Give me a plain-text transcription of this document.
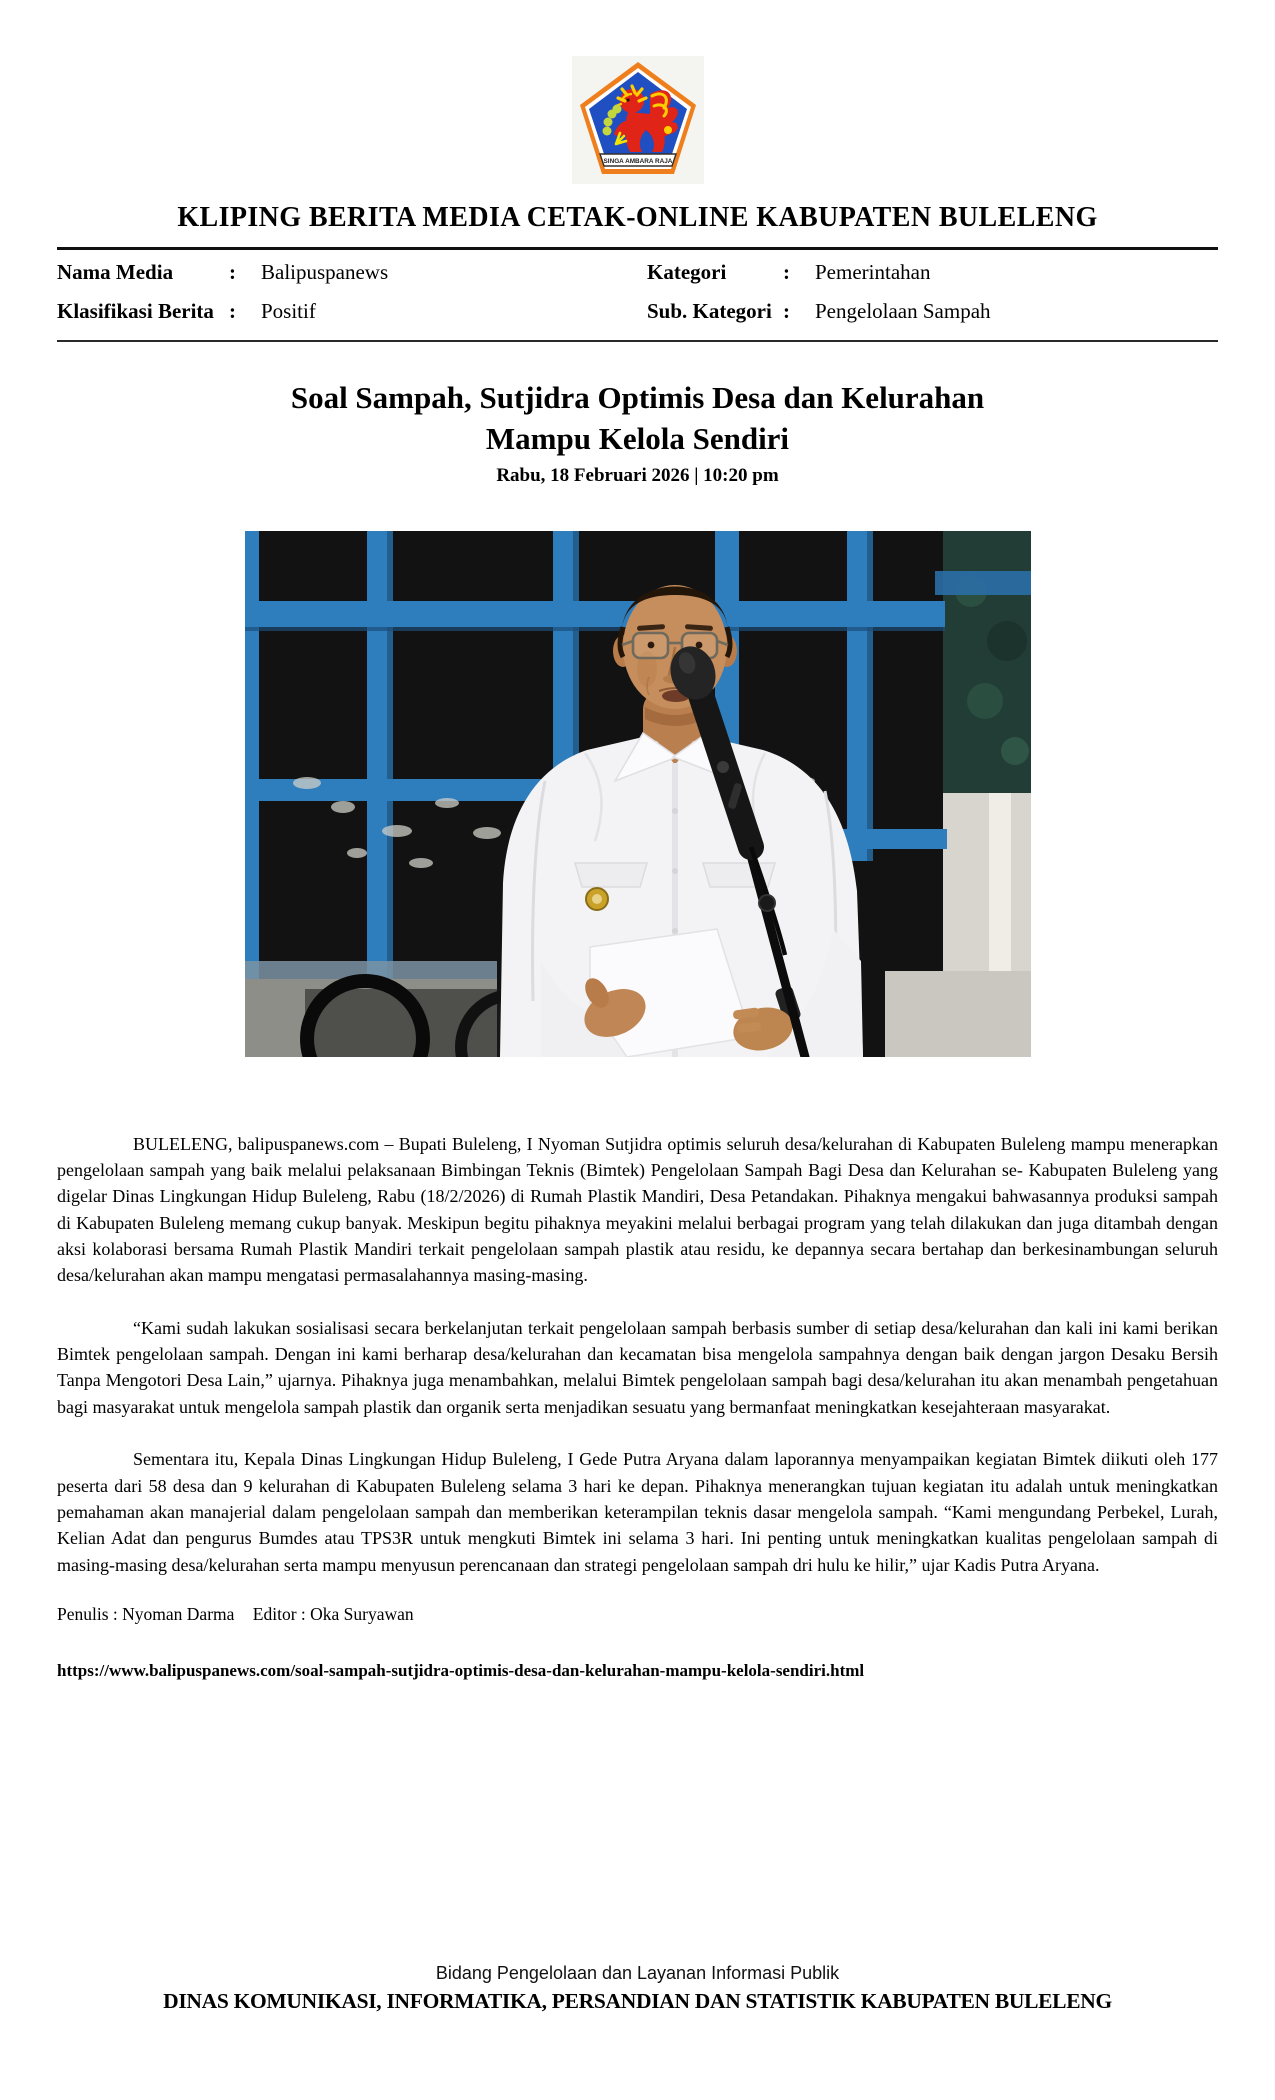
SINGA AMBARA RAJA
KLIPING BERITA MEDIA CETAK-ONLINE KABUPATEN BULELENG
Nama Media	:	Balipuspanews
Klasifikasi Berita :	Positif
Kategori	:	Pemerintahan
Sub. Kategori :	Pengelolaan Sampah
Soal Sampah, Sutjidra Optimis Desa dan Kelurahan
Mampu Kelola Sendiri
Rabu, 18 Februari 2026 | 10:20 pm

BULELENG, balipuspanews.com – Bupati Buleleng, I Nyoman Sutjidra optimis seluruh desa/kelurahan di Kabupaten Buleleng mampu menerapkan pengelolaan sampah yang baik melalui pelaksanaan Bimbingan Teknis (Bimtek) Pengelolaan Sampah Bagi Desa dan Kelurahan se- Kabupaten Buleleng yang digelar Dinas Lingkungan Hidup Buleleng, Rabu (18/2/2026) di Rumah Plastik Mandiri, Desa Petandakan. Pihaknya mengakui bahwasannya produksi sampah di Kabupaten Buleleng memang cukup banyak. Meskipun begitu pihaknya meyakini melalui berbagai program yang telah dilakukan dan juga ditambah dengan aksi kolaborasi bersama Rumah Plastik Mandiri terkait pengelolaan sampah plastik atau residu, ke depannya secara bertahap dan berkesinambungan seluruh desa/kelurahan akan mampu mengatasi permasalahannya masing-masing.

“Kami sudah lakukan sosialisasi secara berkelanjutan terkait pengelolaan sampah berbasis sumber di setiap desa/kelurahan dan kali ini kami berikan Bimtek pengelolaan sampah. Dengan ini kami berharap desa/kelurahan dan kecamatan bisa mengelola sampahnya dengan baik dengan jargon Desaku Bersih Tanpa Mengotori Desa Lain,” ujarnya. Pihaknya juga menambahkan, melalui Bimtek pengelolaan sampah bagi desa/kelurahan itu akan menambah pengetahuan bagi masyarakat untuk mengelola sampah plastik dan organik serta menjadikan sesuatu yang bermanfaat meningkatkan kesejahteraan masyarakat.

Sementara itu, Kepala Dinas Lingkungan Hidup Buleleng, I Gede Putra Aryana dalam laporannya menyampaikan kegiatan Bimtek diikuti oleh 177 peserta dari 58 desa dan 9 kelurahan di Kabupaten Buleleng selama 3 hari ke depan. Pihaknya menerangkan tujuan kegiatan itu adalah untuk meningkatkan pemahaman akan manajerial dalam pengelolaan sampah dan memberikan keterampilan teknis dasar mengelola sampah. “Kami mengundang Perbekel, Lurah, Kelian Adat dan pengurus Bumdes atau TPS3R untuk mengkuti Bimtek ini selama 3 hari. Ini penting untuk meningkatkan kualitas pengelolaan sampah di masing-masing desa/kelurahan serta mampu menyusun perencanaan dan strategi pengelolaan sampah dri hulu ke hilir,” ujar Kadis Putra Aryana.

Penulis : Nyoman Darma Editor : Oka Suryawan
https://www.balipuspanews.com/soal-sampah-sutjidra-optimis-desa-dan-kelurahan-mampu-kelola-sendiri.html
Bidang Pengelolaan dan Layanan Informasi Publik
DINAS KOMUNIKASI, INFORMATIKA, PERSANDIAN DAN STATISTIK KABUPATEN BULELENG
